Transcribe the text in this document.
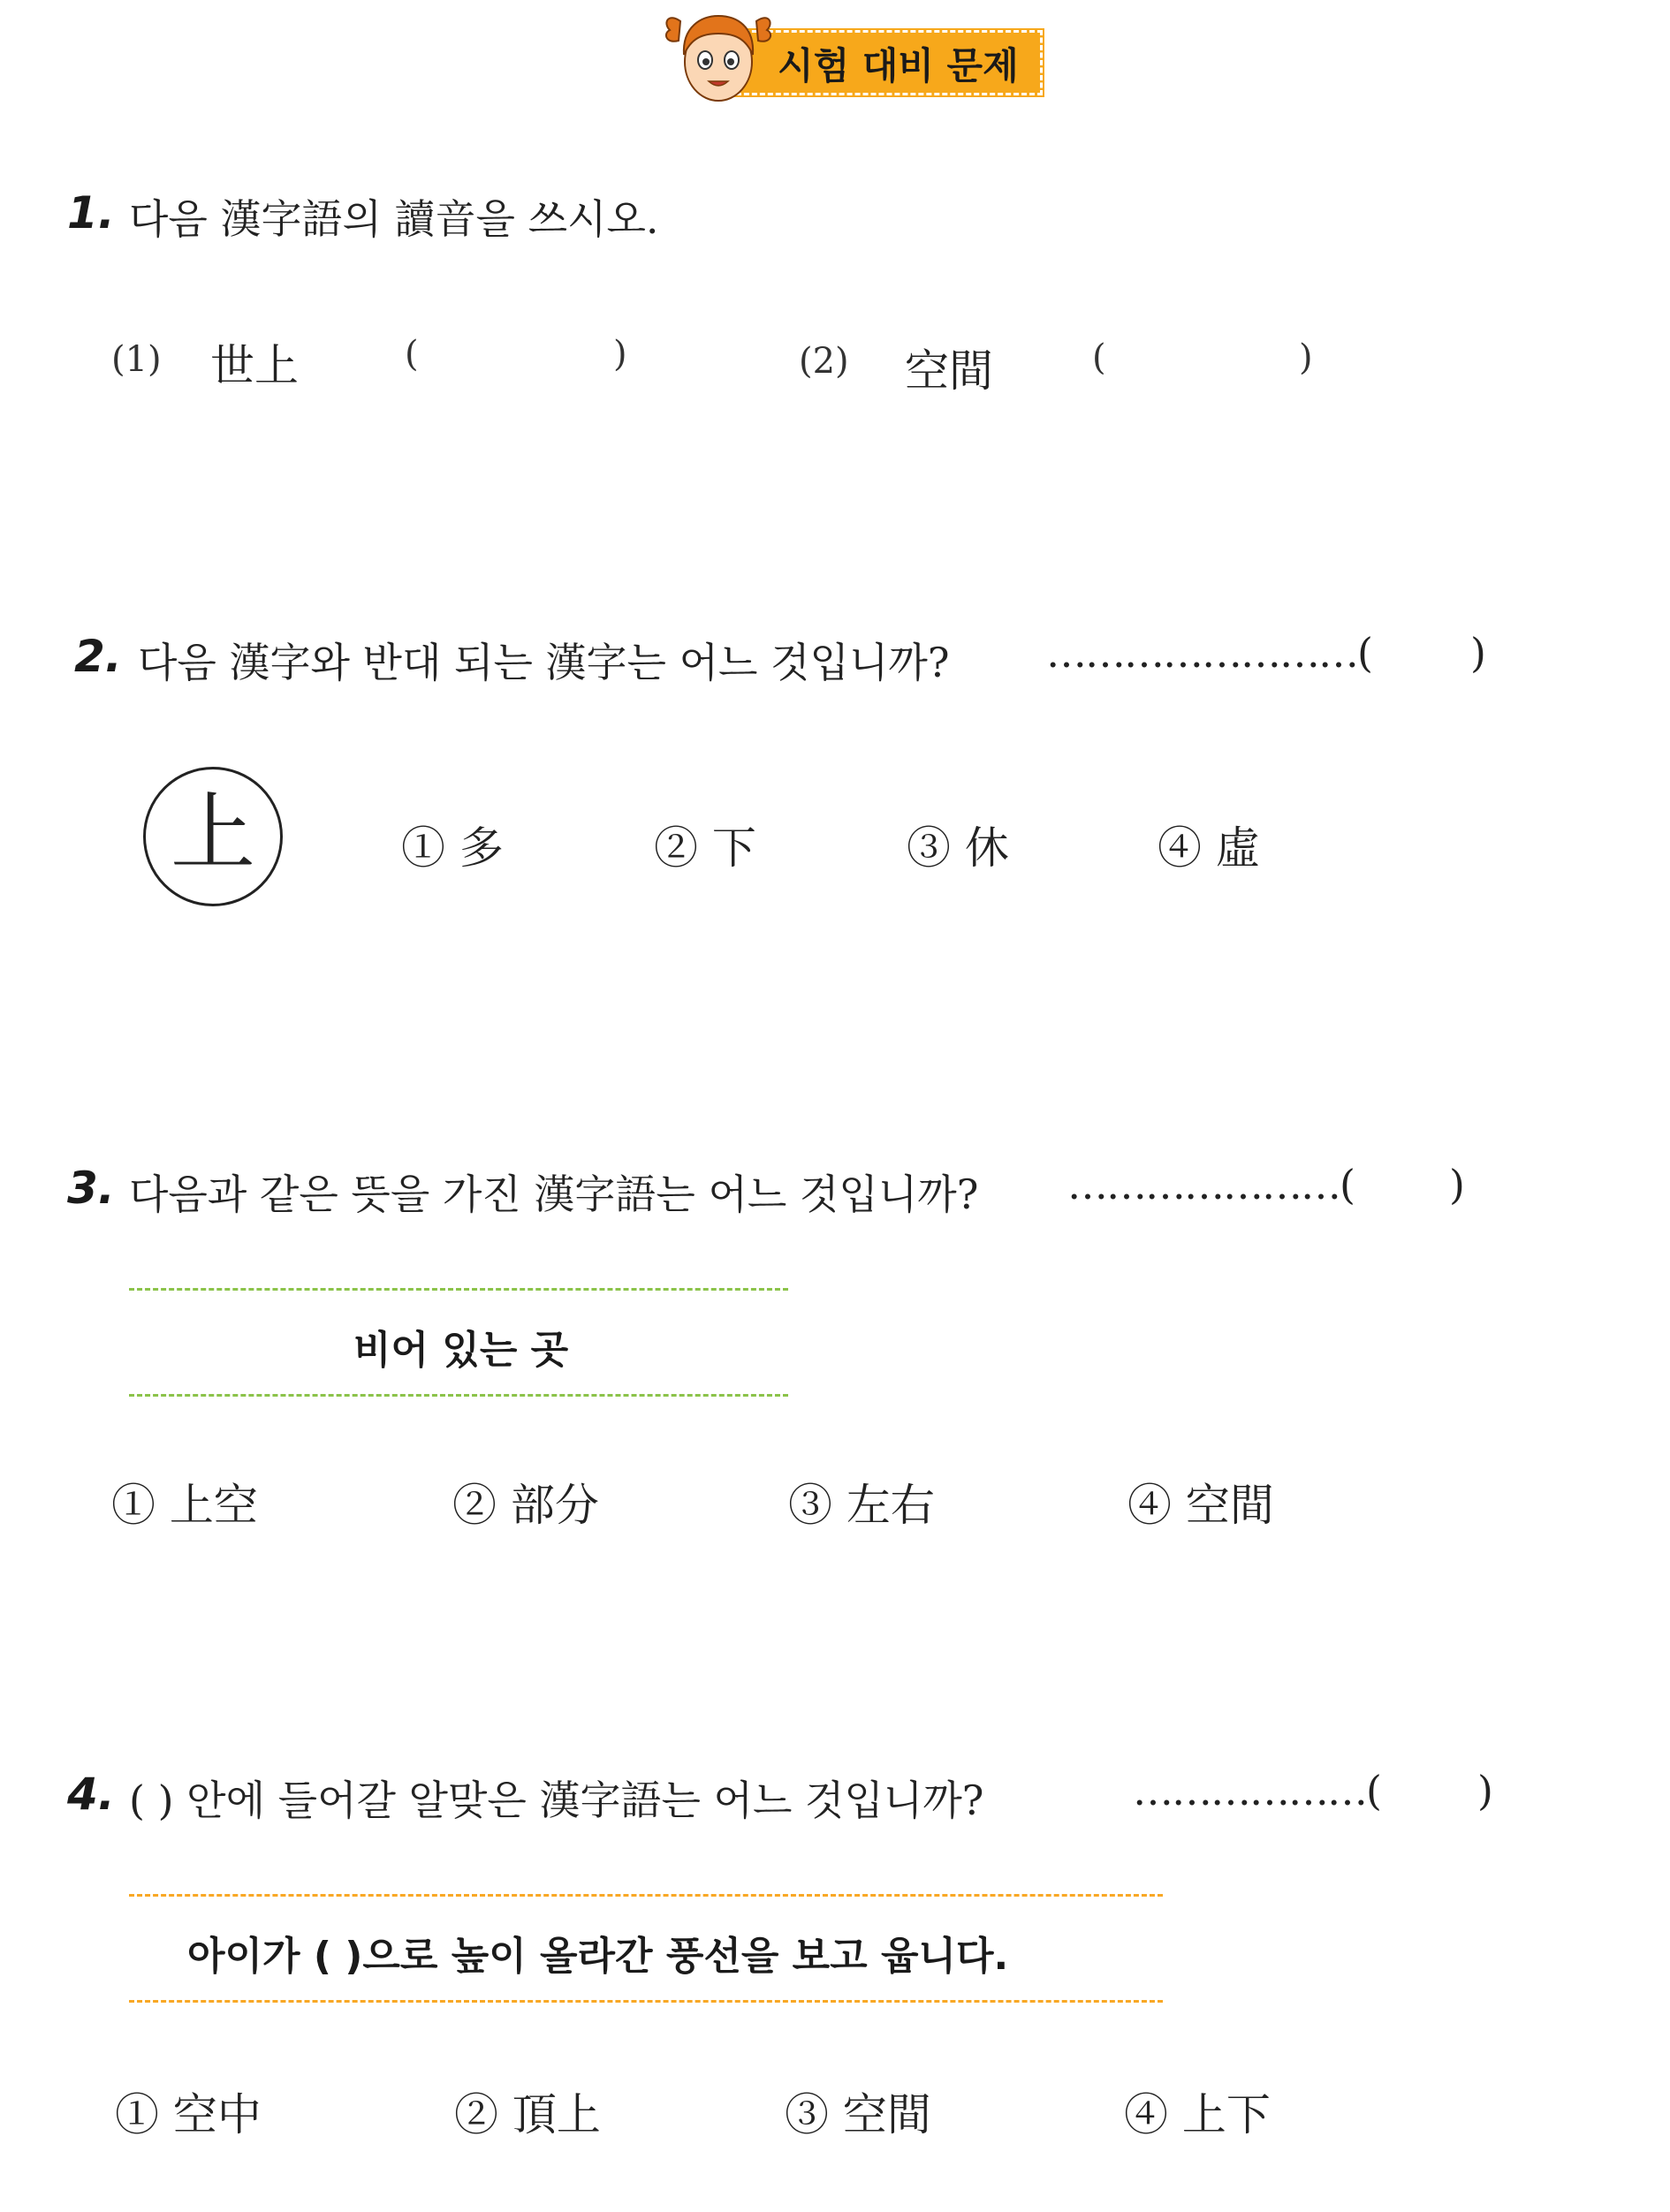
시험 대비 문제
1. 다음 漢字語의 讀音을 쓰시오.
(1) 世上	(	)	(2) 空間	(	)
2. 다음 漢字와 반대 되는 漢字는 어느 것입니까? ……………………( )
上	① 多	② 下	③ 休	④ 虛
3. 다음과 같은 뜻을 가진 漢字語는 어느 것입니까? …………………( )
비어 있는 곳
① 上空	② 部分	③ 左右	④ 空間
4. ( ) 안에 들어갈 알맞은 漢字語는 어느 것입니까?	………………( )
아이가 ( )으로 높이 올라간 풍선을 보고 웁니다.
① 空中	② 頂上	③ 空間	④ 上下
